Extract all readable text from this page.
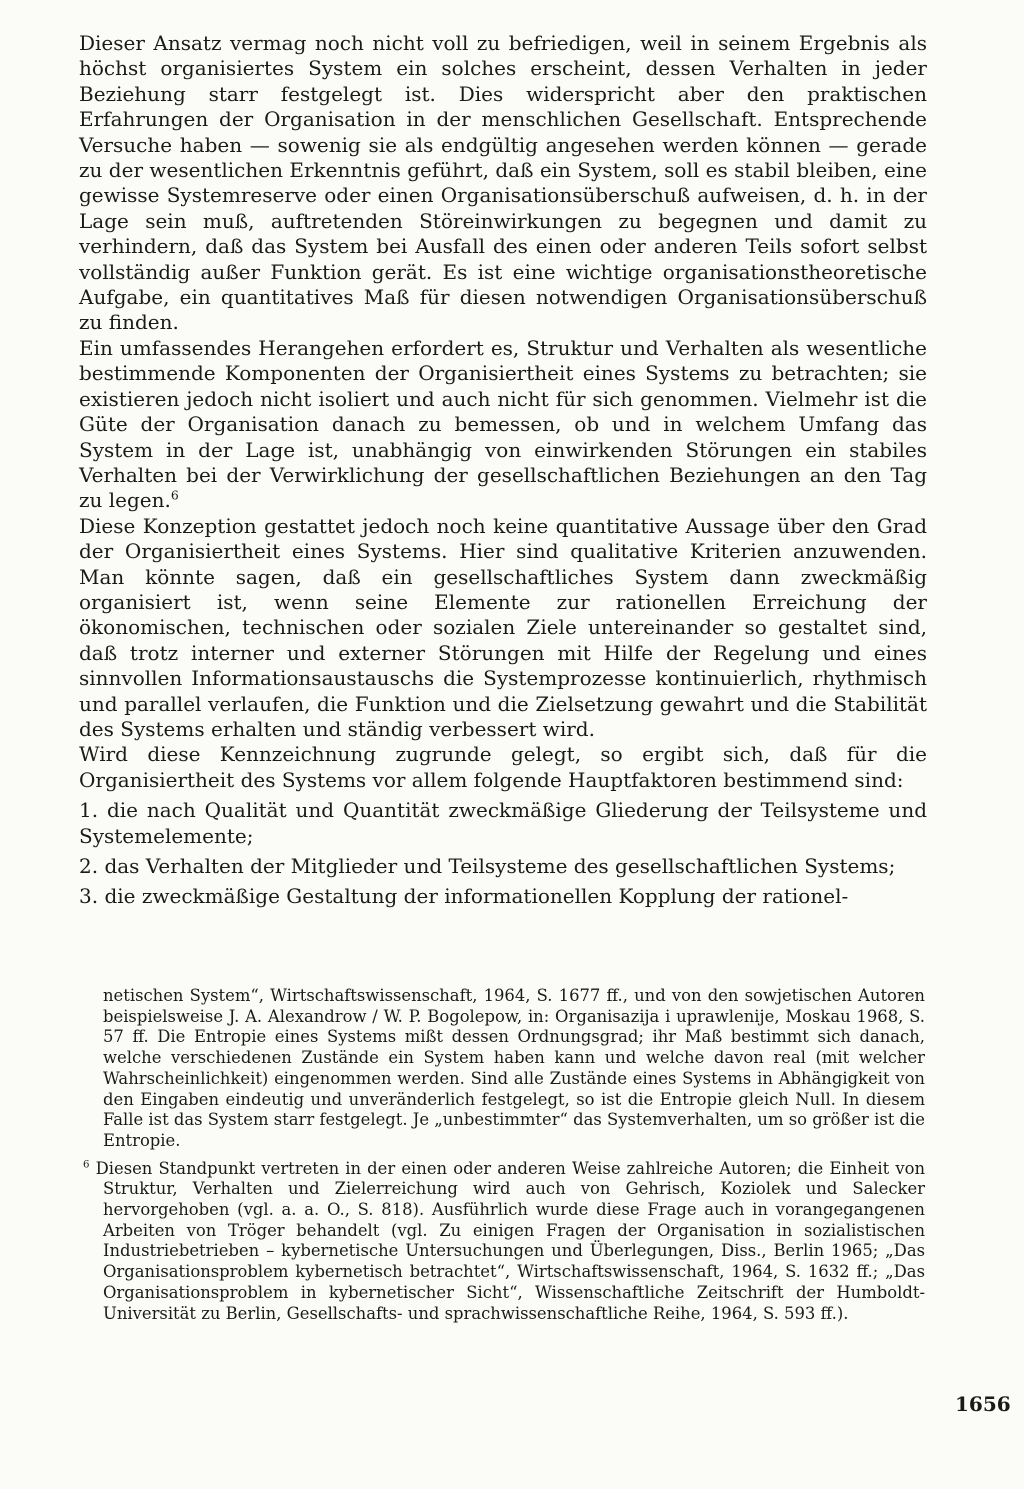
Dieser Ansatz vermag noch nicht voll zu befriedigen, weil in seinem Ergebnis als höchst organisiertes System ein solches erscheint, dessen Verhalten in jeder Beziehung starr festgelegt ist. Dies widerspricht aber den praktischen Erfahrungen der Organisation in der menschlichen Gesellschaft. Entsprechende Versuche haben — sowenig sie als endgültig angesehen werden können — gerade zu der wesentlichen Erkenntnis geführt, daß ein System, soll es stabil bleiben, eine gewisse Systemreserve oder einen Organisationsüberschuß aufweisen, d. h. in der Lage sein muß, auftretenden Störeinwirkungen zu begegnen und damit zu verhindern, daß das System bei Ausfall des einen oder anderen Teils sofort selbst vollständig außer Funktion gerät. Es ist eine wichtige organisationstheoretische Aufgabe, ein quantitatives Maß für diesen notwendigen Organisationsüberschuß zu finden.

Ein umfassendes Herangehen erfordert es, Struktur und Verhalten als wesentliche bestimmende Komponenten der Organisiertheit eines Systems zu betrachten; sie existieren jedoch nicht isoliert und auch nicht für sich genommen. Vielmehr ist die Güte der Organisation danach zu bemessen, ob und in welchem Umfang das System in der Lage ist, unabhängig von einwirkenden Störungen ein stabiles Verhalten bei der Verwirklichung der gesellschaftlichen Beziehungen an den Tag zu legen.$^6$

Diese Konzeption gestattet jedoch noch keine quantitative Aussage über den Grad der Organisiertheit eines Systems. Hier sind qualitative Kriterien anzuwenden. Man könnte sagen, daß ein gesellschaftliches System dann zweckmäßig organisiert ist, wenn seine Elemente zur rationellen Erreichung der ökonomischen, technischen oder sozialen Ziele untereinander so gestaltet sind, daß trotz interner und externer Störungen mit Hilfe der Regelung und eines sinnvollen Informationsaustauschs die Systemprozesse kontinuierlich, rhythmisch und parallel verlaufen, die Funktion und die Zielsetzung gewahrt und die Stabilität des Systems erhalten und ständig verbessert wird.

Wird diese Kennzeichnung zugrunde gelegt, so ergibt sich, daß für die Organisiertheit des Systems vor allem folgende Hauptfaktoren bestimmend sind:

1. die nach Qualität und Quantität zweckmäßige Gliederung der Teilsysteme und Systemelemente;

2. das Verhalten der Mitglieder und Teilsysteme des gesellschaftlichen Systems;

3. die zweckmäßige Gestaltung der informationellen Kopplung der rationel-

netischen System“, Wirtschaftswissenschaft, 1964, S. 1677 ff., und von den sowjetischen Autoren beispielsweise J. A. Alexandrow / W. P. Bogolepow, in: Organisazija i uprawlenije, Moskau 1968, S. 57 ff. Die Entropie eines Systems mißt dessen Ordnungsgrad; ihr Maß bestimmt sich danach, welche verschiedenen Zustände ein System haben kann und welche davon real (mit welcher Wahrscheinlichkeit) eingenommen werden. Sind alle Zustände eines Systems in Abhängigkeit von den Eingaben eindeutig und unveränderlich festgelegt, so ist die Entropie gleich Null. In diesem Falle ist das System starr festgelegt. Je „unbestimmter“ das Systemverhalten, um so größer ist die Entropie.

$^6$ Diesen Standpunkt vertreten in der einen oder anderen Weise zahlreiche Autoren; die Einheit von Struktur, Verhalten und Zielerreichung wird auch von Gehrisch, Koziolek und Salecker hervorgehoben (vgl. a. a. O., S. 818). Ausführlich wurde diese Frage auch in vorangegangenen Arbeiten von Tröger behandelt (vgl. Zu einigen Fragen der Organisation in sozialistischen Industriebetrieben – kybernetische Untersuchungen und Überlegungen, Diss., Berlin 1965; „Das Organisationsproblem kybernetisch betrachtet“, Wirtschaftswissenschaft, 1964, S. 1632 ff.; „Das Organisationsproblem in kybernetischer Sicht“, Wissenschaftliche Zeitschrift der Humboldt-Universität zu Berlin, Gesellschafts- und sprachwissenschaftliche Reihe, 1964, S. 593 ff.).

1656
